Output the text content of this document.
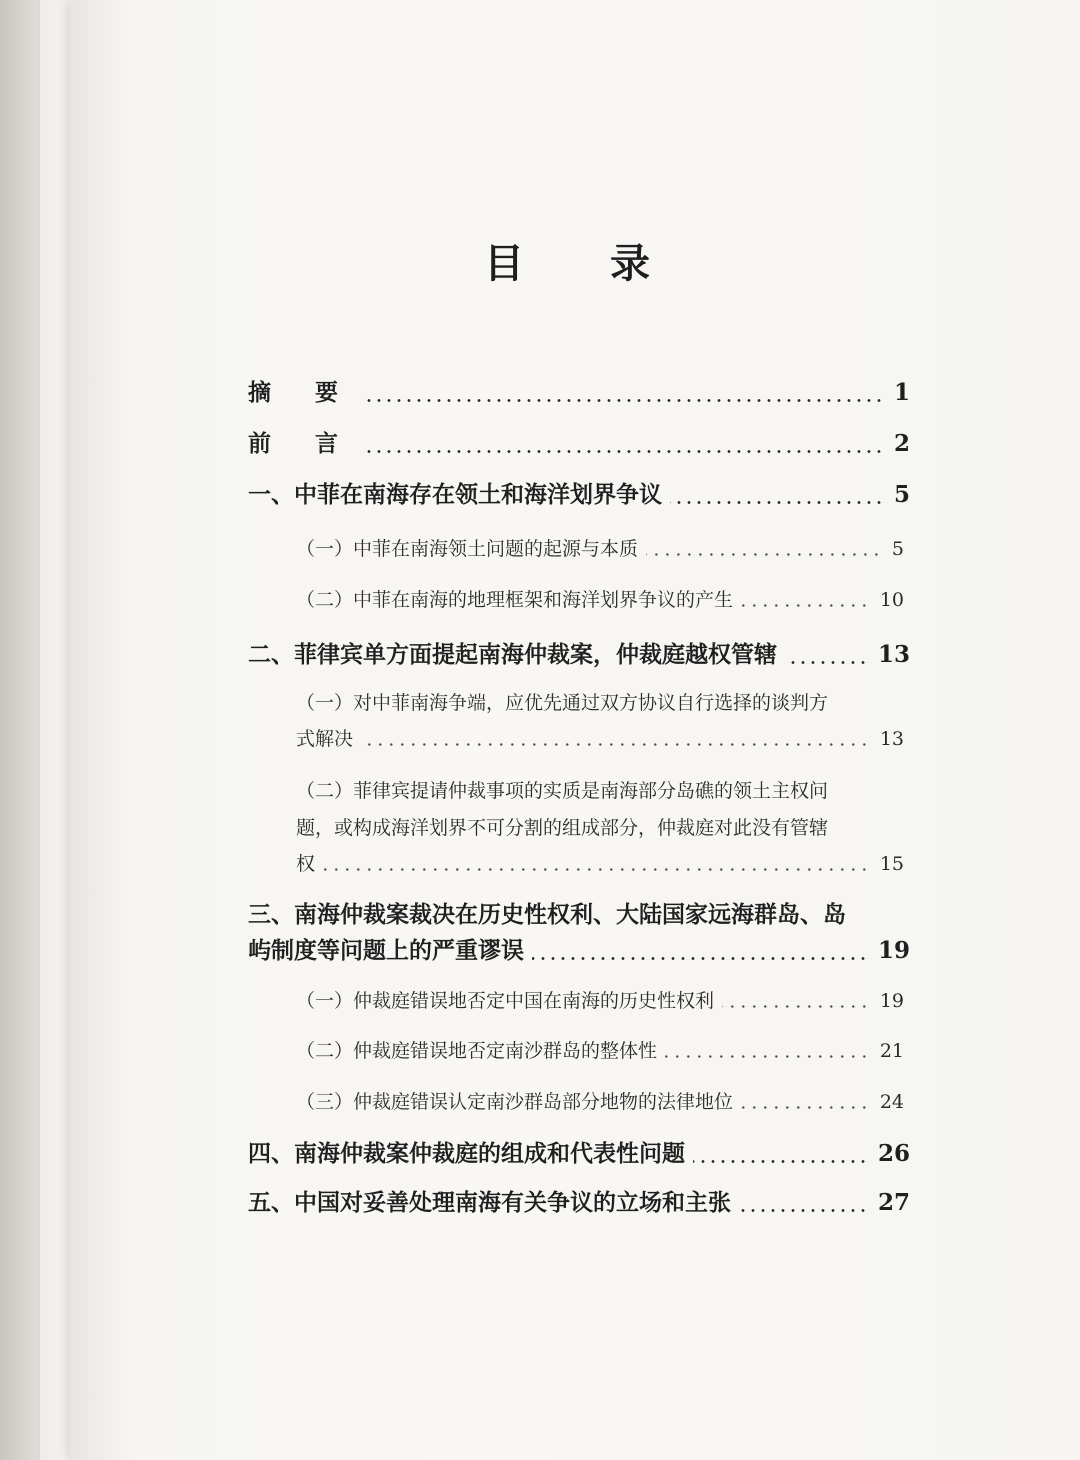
目 录
摘 要	1
前 言	2
一、中菲在南海存在领土和海洋划界争议	5
（一）中菲在南海领土问题的起源与本质	5
（二）中菲在南海的地理框架和海洋划界争议的产生	10
二、菲律宾单方面提起南海仲裁案，仲裁庭越权管辖	13
（一）对中菲南海争端，应优先通过双方协议自行选择的谈判方
式解决	13
（二）菲律宾提请仲裁事项的实质是南海部分岛礁的领土主权问
题，或构成海洋划界不可分割的组成部分，仲裁庭对此没有管辖
权	15
三、南海仲裁案裁决在历史性权利、大陆国家远海群岛、岛
屿制度等问题上的严重谬误	19
（一）仲裁庭错误地否定中国在南海的历史性权利	19
（二）仲裁庭错误地否定南沙群岛的整体性	21
（三）仲裁庭错误认定南沙群岛部分地物的法律地位	24
四、南海仲裁案仲裁庭的组成和代表性问题	26
五、中国对妥善处理南海有关争议的立场和主张	27
